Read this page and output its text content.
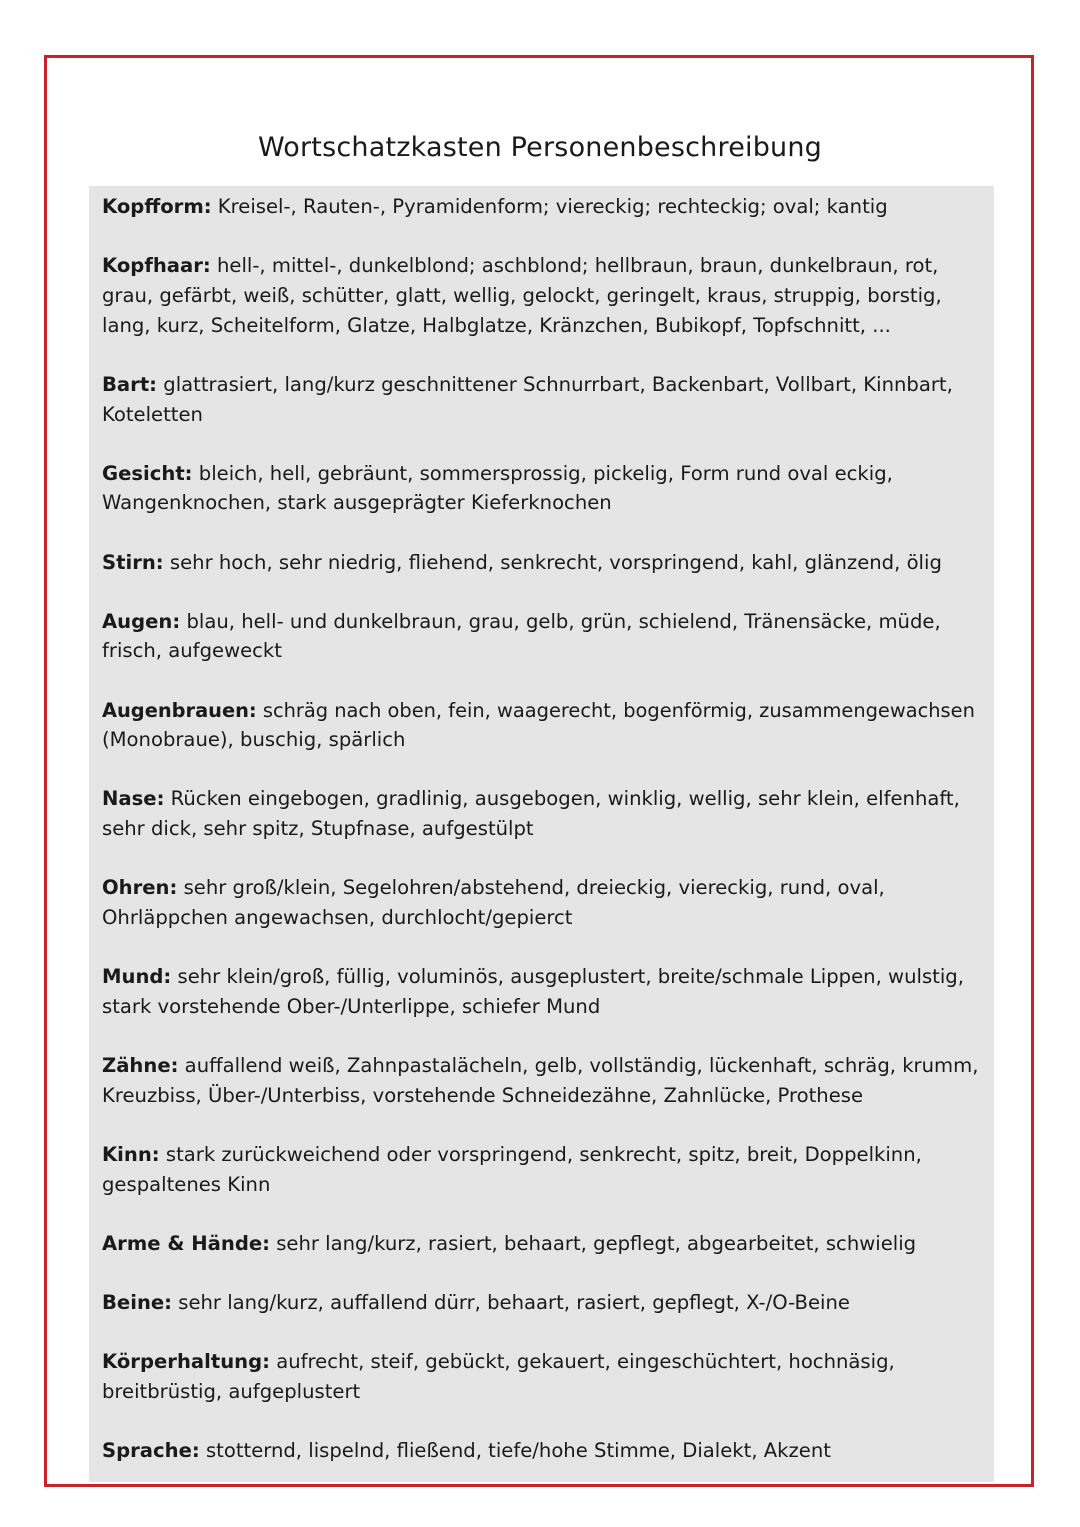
Wortschatzkasten Personenbeschreibung
Kopfform: Kreisel-, Rauten-, Pyramidenform; viereckig; rechteckig; oval; kantig
Kopfhaar: hell-, mittel-, dunkelblond; aschblond; hellbraun, braun, dunkelbraun, rot,
grau, gefärbt, weiß, schütter, glatt, wellig, gelockt, geringelt, kraus, struppig, borstig,
lang, kurz, Scheitelform, Glatze, Halbglatze, Kränzchen, Bubikopf, Topfschnitt, ...
Bart: glattrasiert, lang/kurz geschnittener Schnurrbart, Backenbart, Vollbart, Kinnbart,
Koteletten
Gesicht: bleich, hell, gebräunt, sommersprossig, pickelig, Form rund oval eckig,
Wangenknochen, stark ausgeprägter Kieferknochen
Stirn: sehr hoch, sehr niedrig, fliehend, senkrecht, vorspringend, kahl, glänzend, ölig
Augen: blau, hell- und dunkelbraun, grau, gelb, grün, schielend, Tränensäcke, müde,
frisch, aufgeweckt
Augenbrauen: schräg nach oben, fein, waagerecht, bogenförmig, zusammengewachsen
(Monobraue), buschig, spärlich
Nase: Rücken eingebogen, gradlinig, ausgebogen, winklig, wellig, sehr klein, elfenhaft,
sehr dick, sehr spitz, Stupfnase, aufgestülpt
Ohren: sehr groß/klein, Segelohren/abstehend, dreieckig, viereckig, rund, oval,
Ohrläppchen angewachsen, durchlocht/gepierct
Mund: sehr klein/groß, füllig, voluminös, ausgeplustert, breite/schmale Lippen, wulstig,
stark vorstehende Ober-/Unterlippe, schiefer Mund
Zähne: auffallend weiß, Zahnpastalächeln, gelb, vollständig, lückenhaft, schräg, krumm,
Kreuzbiss, Über-/Unterbiss, vorstehende Schneidezähne, Zahnlücke, Prothese
Kinn: stark zurückweichend oder vorspringend, senkrecht, spitz, breit, Doppelkinn,
gespaltenes Kinn
Arme & Hände: sehr lang/kurz, rasiert, behaart, gepflegt, abgearbeitet, schwielig
Beine: sehr lang/kurz, auffallend dürr, behaart, rasiert, gepflegt, X-/O-Beine
Körperhaltung: aufrecht, steif, gebückt, gekauert, eingeschüchtert, hochnäsig,
breitbrüstig, aufgeplustert
Sprache: stotternd, lispelnd, fließend, tiefe/hohe Stimme, Dialekt, Akzent
